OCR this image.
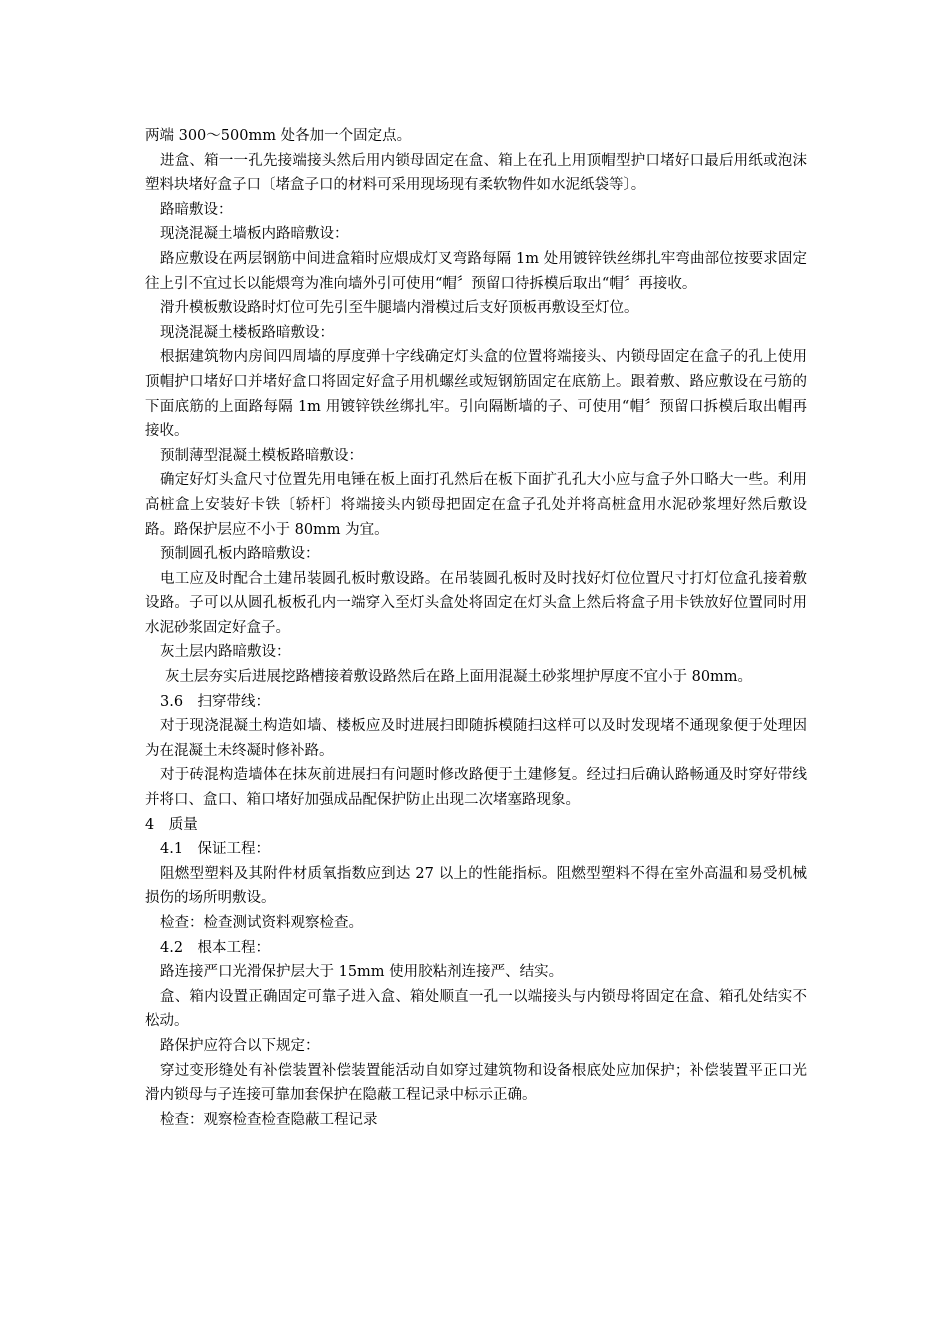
两端 300～500mm 处各加一个固定点。

进盒、箱一一孔先接端接头然后用内锁母固定在盒、箱上在孔上用顶帽型护口堵好口最后用纸或泡沫塑料块堵好盒子口〔堵盒子口的材料可采用现场现有柔软物件如水泥纸袋等〕。

路暗敷设：

现浇混凝土墙板内路暗敷设：

路应敷设在两层钢筋中间进盒箱时应煨成灯叉弯路每隔 1m 处用镀锌铁丝绑扎牢弯曲部位按要求固定往上引不宜过长以能煨弯为准向墙外引可使用“帽〞预留口待拆模后取出“帽〞再接收。

滑升模板敷设路时灯位可先引至牛腿墙内滑模过后支好顶板再敷设至灯位。

现浇混凝土楼板路暗敷设：

根据建筑物内房间四周墙的厚度弹十字线确定灯头盒的位置将端接头、内锁母固定在盒子的孔上使用顶帽护口堵好口并堵好盒口将固定好盒子用机螺丝或短钢筋固定在底筋上。跟着敷、路应敷设在弓筋的下面底筋的上面路每隔 1m 用镀锌铁丝绑扎牢。引向隔断墙的子、可使用“帽〞预留口拆模后取出帽再接收。

预制薄型混凝土模板路暗敷设：

确定好灯头盒尺寸位置先用电锤在板上面打孔然后在板下面扩孔孔大小应与盒子外口略大一些。利用高桩盒上安装好卡铁〔轿杆〕将端接头内锁母把固定在盒子孔处并将高桩盒用水泥砂浆埋好然后敷设路。路保护层应不小于 80mm 为宜。

预制圆孔板内路暗敷设：

电工应及时配合土建吊装圆孔板时敷设路。在吊装圆孔板时及时找好灯位位置尺寸打灯位盒孔接着敷设路。子可以从圆孔板板孔内一端穿入至灯头盒处将固定在灯头盒上然后将盒子用卡铁放好位置同时用水泥砂浆固定好盒子。

灰土层内路暗敷设：

灰土层夯实后进展挖路槽接着敷设路然后在路上面用混凝土砂浆埋护厚度不宜小于 80mm。

3.6　扫穿带线：

对于现浇混凝土构造如墙、楼板应及时进展扫即随拆模随扫这样可以及时发现堵不通现象便于处理因为在混凝土未终凝时修补路。

对于砖混构造墙体在抹灰前进展扫有问题时修改路便于土建修复。经过扫后确认路畅通及时穿好带线并将口、盒口、箱口堵好加强成品配保护防止出现二次堵塞路现象。

4　质量

4.1　保证工程：

阻燃型塑料及其附件材质氧指数应到达 27 以上的性能指标。阻燃型塑料不得在室外高温和易受机械损伤的场所明敷设。

检查：检查测试资料观察检查。

4.2　根本工程：

路连接严口光滑保护层大于 15mm 使用胶粘剂连接严、结实。

盒、箱内设置正确固定可靠子进入盒、箱处顺直一孔一以端接头与内锁母将固定在盒、箱孔处结实不松动。

路保护应符合以下规定：

穿过变形缝处有补偿装置补偿装置能活动自如穿过建筑物和设备根底处应加保护；补偿装置平正口光滑内锁母与子连接可靠加套保护在隐蔽工程记录中标示正确。

检查：观察检查检查隐蔽工程记录
